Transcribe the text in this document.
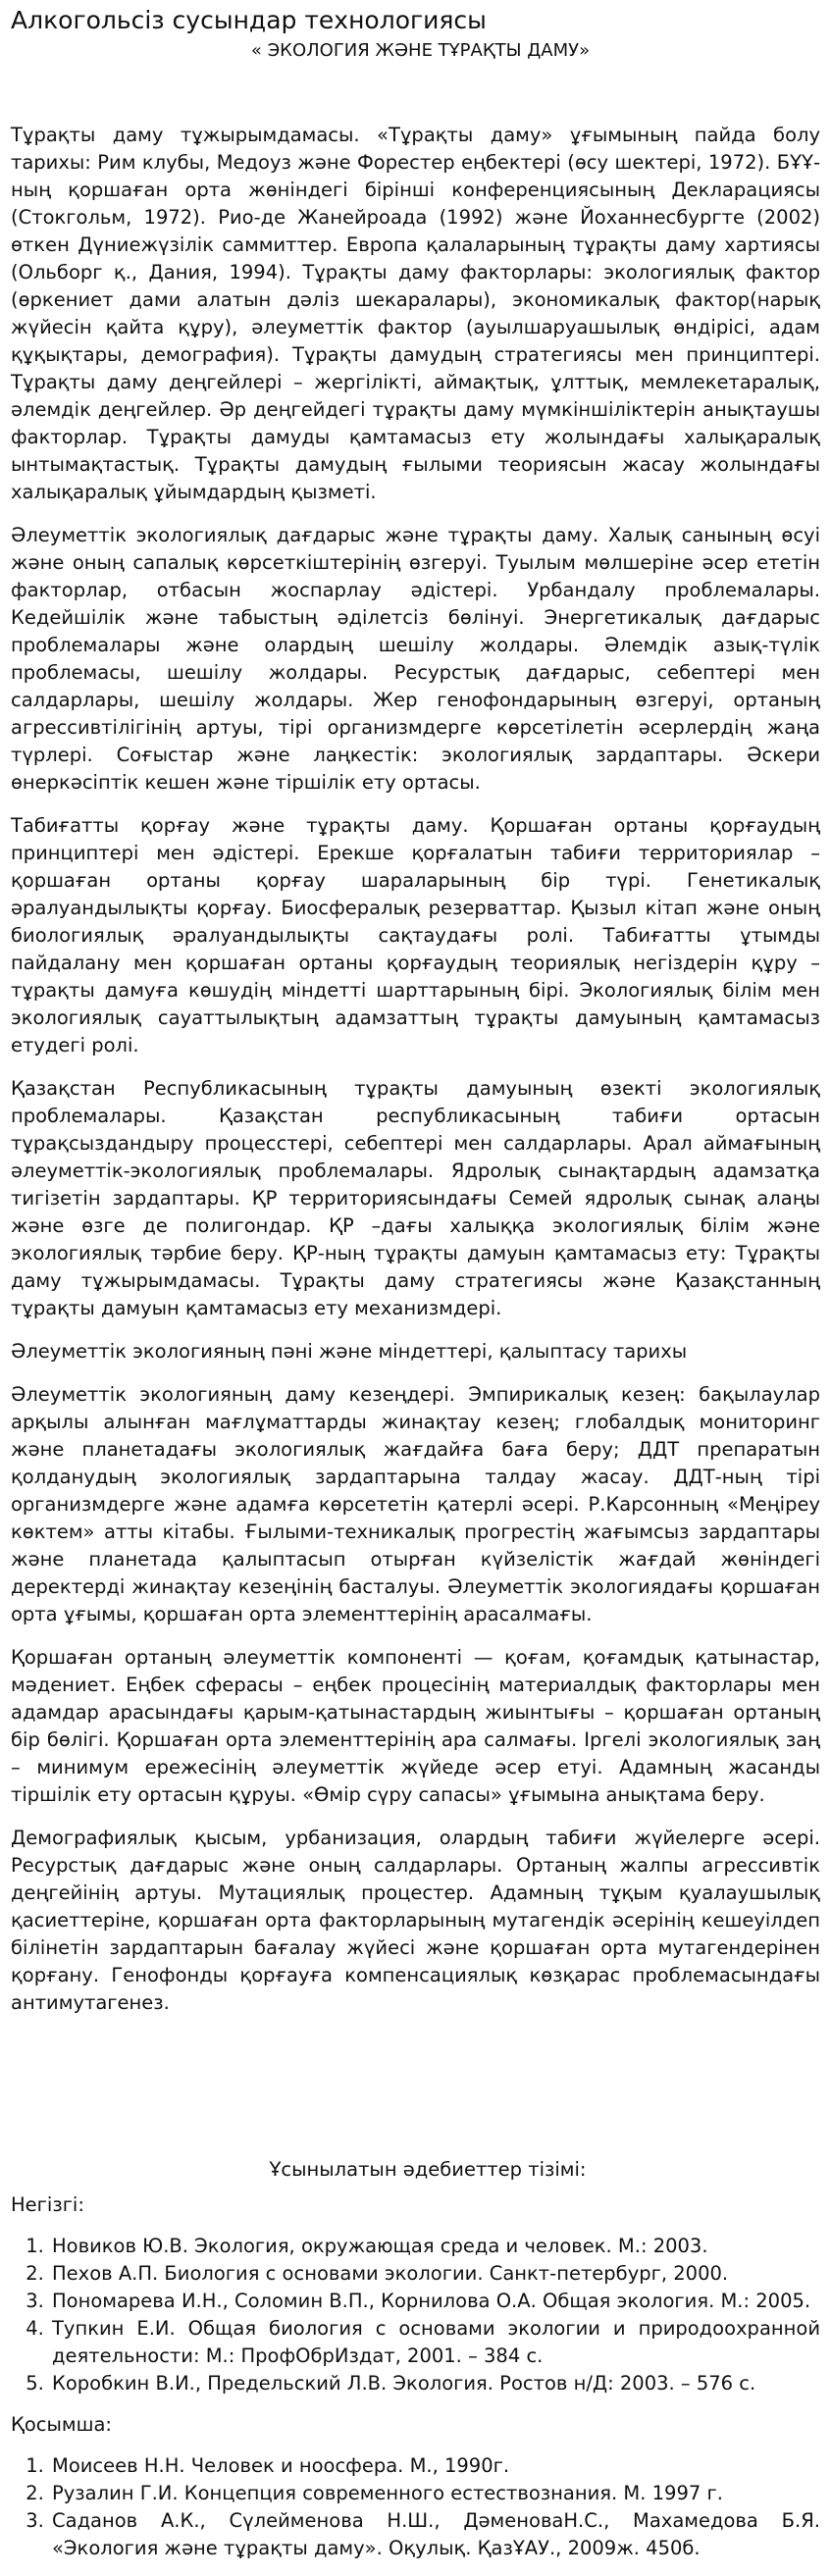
Алкогольсіз сусындар технологиясы

« ЭКОЛОГИЯ ЖӘНЕ ТҰРАҚТЫ ДАМУ»

Тұрақты даму тұжырымдамасы. «Тұрақты даму» ұғымының пайда болу тарихы: Рим клубы, Медоуз және Форестер еңбектері (өсу шектері, 1972). БҰҰ-ның қоршаған орта жөніндегі бірінші конференциясының Декларациясы (Стокгольм, 1972). Рио-де Жанейроада (1992) және Йоханнесбургте (2002) өткен Дүниежүзілік саммиттер. Европа қалаларының тұрақты даму хартиясы (Ольборг қ., Дания, 1994). Тұрақты даму факторлары: экологиялық фактор (өркениет дами алатын дәліз шекаралары), экономикалық фактор(нарық жүйесін қайта құру), әлеуметтік фактор (ауылшаруашылық өндірісі, адам құқықтары, демография). Тұрақты дамудың стратегиясы мен принциптері. Тұрақты даму деңгейлері – жергілікті, аймақтық, ұлттық, мемлекетаралық, әлемдік деңгейлер. Әр деңгейдегі тұрақты даму мүмкіншіліктерін анықтаушы факторлар. Тұрақты дамуды қамтамасыз ету жолындағы халықаралық ынтымақтастық. Тұрақты дамудың ғылыми теориясын жасау жолындағы халықаралық ұйымдардың қызметі.

Әлеуметтік экологиялық дағдарыс және тұрақты даму. Халық санының өсуі және оның сапалық көрсеткіштерінің өзгеруі. Туылым мөлшеріне әсер ететін факторлар, отбасын жоспарлау әдістері. Урбандалу проблемалары. Кедейшілік және табыстың әділетсіз бөлінуі. Энергетикалық дағдарыс проблемалары және олардың шешілу жолдары. Әлемдік азық-түлік проблемасы, шешілу жолдары. Ресурстық дағдарыс, себептері мен салдарлары, шешілу жолдары. Жер генофондарының өзгеруі, ортаның агрессивтілігінің артуы, тірі организмдерге көрсетілетін әсерлердің жаңа түрлері. Соғыстар және лаңкестік: экологиялық зардаптары. Әскери өнеркәсіптік кешен және тіршілік ету ортасы.

Табиғатты қорғау және тұрақты даму. Қоршаған ортаны қорғаудың принциптері мен әдістері. Ерекше қорғалатын табиғи территориялар – қоршаған ортаны қорғау шараларының бір түрі. Генетикалық әралуандылықты қорғау. Биосфералық резерваттар. Қызыл кітап және оның биологиялық әралуандылықты сақтаудағы ролі. Табиғатты ұтымды пайдалану мен қоршаған ортаны қорғаудың теориялық негіздерін құру – тұрақты дамуға көшудің міндетті шарттарының бірі. Экологиялық білім мен экологиялық сауаттылықтың адамзаттың тұрақты дамуының қамтамасыз етудегі ролі.

Қазақстан Республикасының тұрақты дамуының өзекті экологиялық проблемалары. Қазақстан республикасының табиғи ортасын тұрақсыздандыру процесстері, себептері мен салдарлары. Арал аймағының әлеуметтік-экологиялық проблемалары. Ядролық сынақтардың адамзатқа тигізетін зардаптары. ҚР территориясындағы Семей ядролық сынақ алаңы және өзге де полигондар. ҚР –дағы халыққа экологиялық білім және экологиялық тәрбие беру. ҚР-ның тұрақты дамуын қамтамасыз ету: Тұрақты даму тұжырымдамасы. Тұрақты даму стратегиясы және Қазақстанның тұрақты дамуын қамтамасыз ету механизмдері.

Әлеуметтік экологияның пәні және міндеттері, қалыптасу тарихы

Әлеуметтік экологияның даму кезеңдері. Эмпирикалық кезең: бақылаулар арқылы алынған мағлұматтарды жинақтау кезең; глобалдық мониторинг және планетадағы экологиялық жағдайға баға беру; ДДТ препаратын қолданудың экологиялық зардаптарына талдау жасау. ДДТ-ның тірі организмдерге және адамға көрсететін қатерлі әсері. Р.Карсонның «Меңіреу көктем» атты кітабы. Ғылыми-техникалық прогрестің жағымсыз зардаптары және планетада қалыптасып отырған күйзелістік жағдай жөніндегі деректерді жинақтау кезеңінің басталуы. Әлеуметтік экологиядағы қоршаған орта ұғымы, қоршаған орта элементтерінің арасалмағы.

Қоршаған ортаның әлеуметтік компоненті — қоғам, қоғамдық қатынастар, мәдениет. Еңбек сферасы – еңбек процесінің материалдық факторлары мен адамдар арасындағы қарым-қатынастардың жиынтығы – қоршаған ортаның бір бөлігі. Қоршаған орта элементтерінің ара салмағы. Іргелі экологиялық заң – минимум ережесінің әлеуметтік жүйеде әсер етуі. Адамның жасанды тіршілік ету ортасын құруы. «Өмір сүру сапасы» ұғымына анықтама беру.

Демографиялық қысым, урбанизация, олардың табиғи жүйелерге әсері. Ресурстық дағдарыс және оның салдарлары. Ортаның жалпы агрессивтік деңгейінің артуы. Мутациялық процестер. Адамның тұқым қуалаушылық қасиеттеріне, қоршаған орта факторларының мутагендік әсерінің кешеуілдеп білінетін зардаптарын бағалау жүйесі және қоршаған орта мутагендерінен қорғану. Генофонды қорғауға компенсациялық көзқарас проблемасындағы антимутагенез.

Ұсынылатын әдебиеттер тізімі:

Негізгі:

1. Новиков Ю.В. Экология, окружающая среда и человек. М.: 2003.
2. Пехов А.П. Биология с основами экологии. Санкт-петербург, 2000.
3. Пономарева И.Н., Соломин В.П., Корнилова О.А. Общая экология. М.: 2005.
4. Тупкин Е.И. Общая биология с основами экологии и природоохранной деятельности: М.: ПрофОбрИздат, 2001. – 384 с.
5. Коробкин В.И., Предельский Л.В. Экология. Ростов н/Д: 2003. – 576 с.

Қосымша:

1. Моисеев Н.Н. Человек и ноосфера. М., 1990г.
2. Рузалин Г.И. Концепция современного естествознания. М. 1997 г.
3. Саданов А.К., Сүлейменова Н.Ш., ДәменоваН.С., Махамедова Б.Я. «Экология және тұрақты даму». Оқулық. ҚазҰАУ., 2009ж. 450б.
